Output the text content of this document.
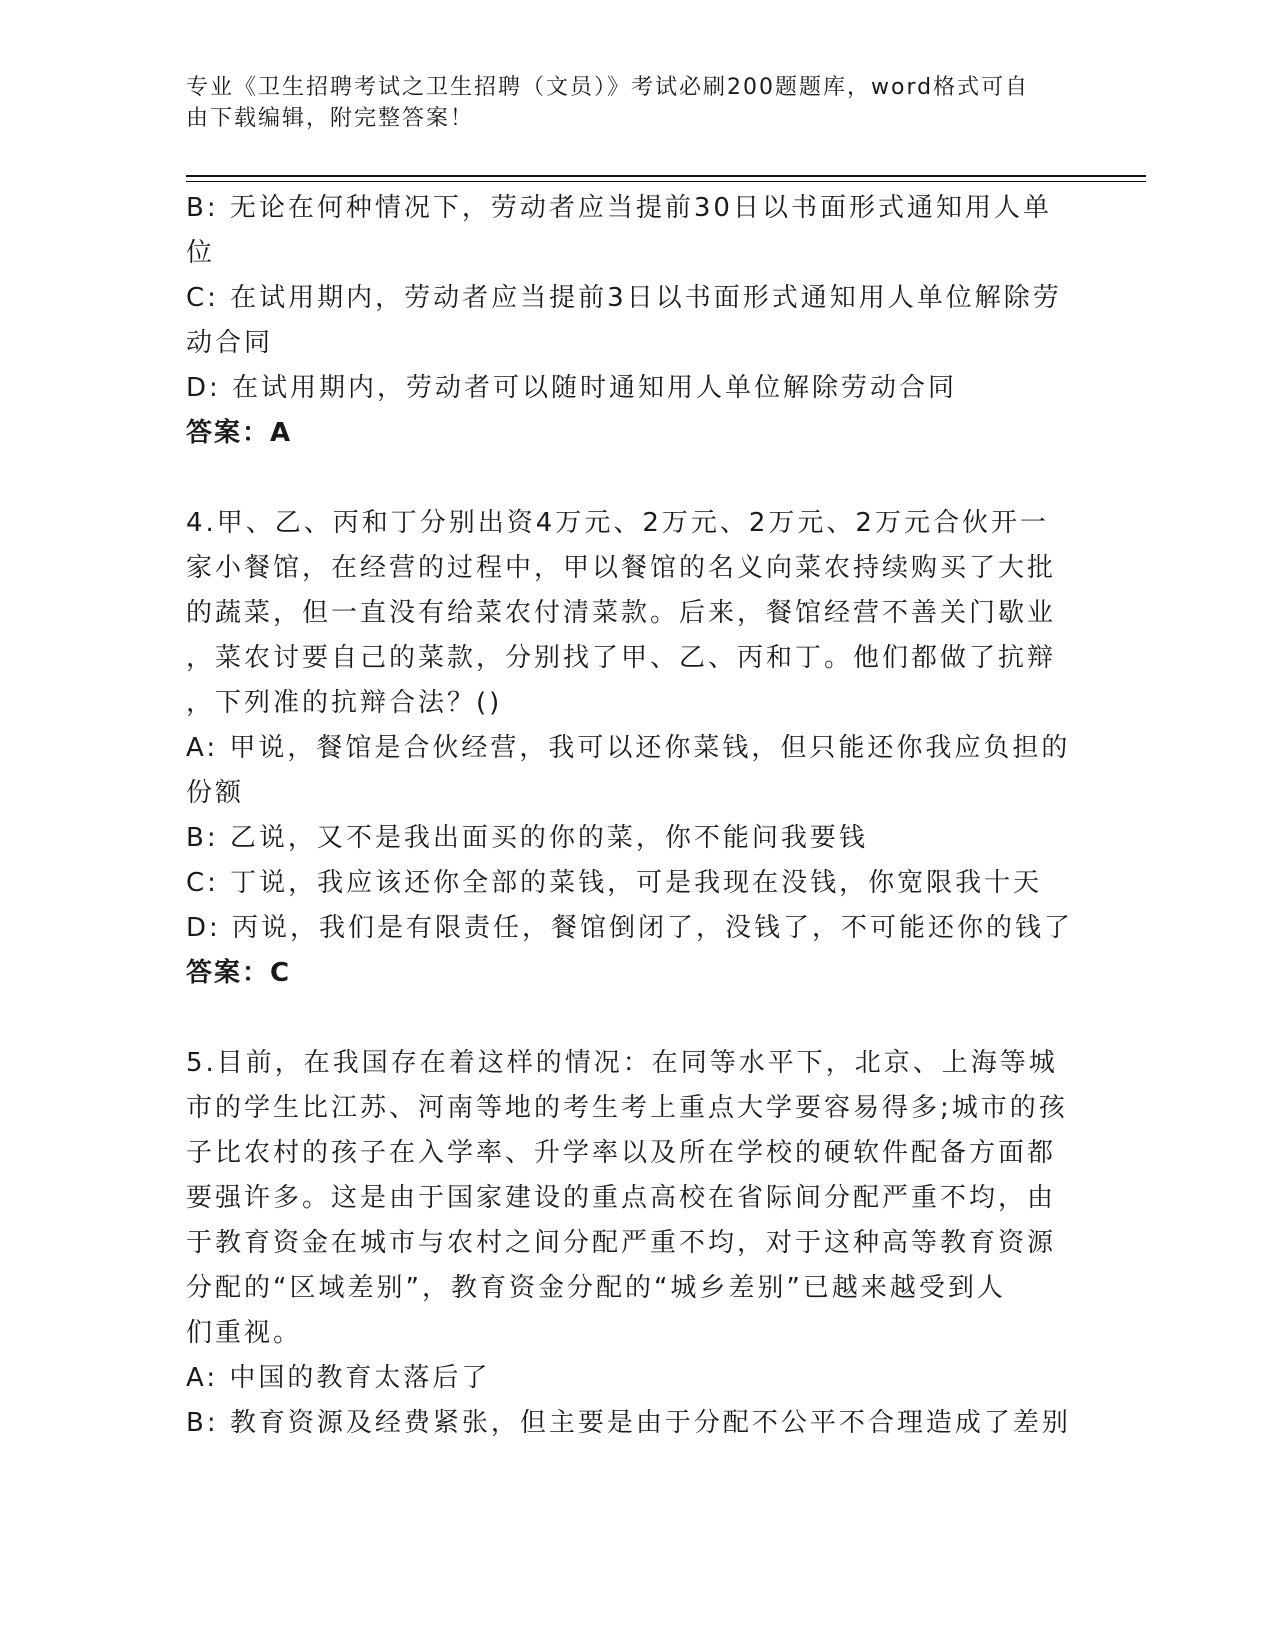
专业《卫生招聘考试之卫生招聘（文员）》考试必刷200题题库，word格式可自
由下载编辑，附完整答案！
B: 无论在何种情况下，劳动者应当提前30日以书面形式通知用人单
位
C: 在试用期内，劳动者应当提前3日以书面形式通知用人单位解除劳
动合同
D: 在试用期内，劳动者可以随时通知用人单位解除劳动合同
答案：A
4.甲、乙、丙和丁分别出资4万元、2万元、2万元、2万元合伙开一
家小餐馆，在经营的过程中，甲以餐馆的名义向菜农持续购买了大批
的蔬菜，但一直没有给菜农付清菜款。后来，餐馆经营不善关门歇业
，菜农讨要自己的菜款，分别找了甲、乙、丙和丁。他们都做了抗辩
，下列准的抗辩合法？()
A: 甲说，餐馆是合伙经营，我可以还你菜钱，但只能还你我应负担的
份额
B: 乙说，又不是我出面买的你的菜，你不能问我要钱
C: 丁说，我应该还你全部的菜钱，可是我现在没钱，你宽限我十天
D: 丙说，我们是有限责任，餐馆倒闭了，没钱了，不可能还你的钱了
答案：C
5.目前，在我国存在着这样的情况：在同等水平下，北京、上海等城
市的学生比江苏、河南等地的考生考上重点大学要容易得多;城市的孩
子比农村的孩子在入学率、升学率以及所在学校的硬软件配备方面都
要强许多。这是由于国家建设的重点高校在省际间分配严重不均，由
于教育资金在城市与农村之间分配严重不均，对于这种高等教育资源
分配的“区域差别”，教育资金分配的“城乡差别”已越来越受到人
们重视。
A: 中国的教育太落后了
B: 教育资源及经费紧张，但主要是由于分配不公平不合理造成了差别
